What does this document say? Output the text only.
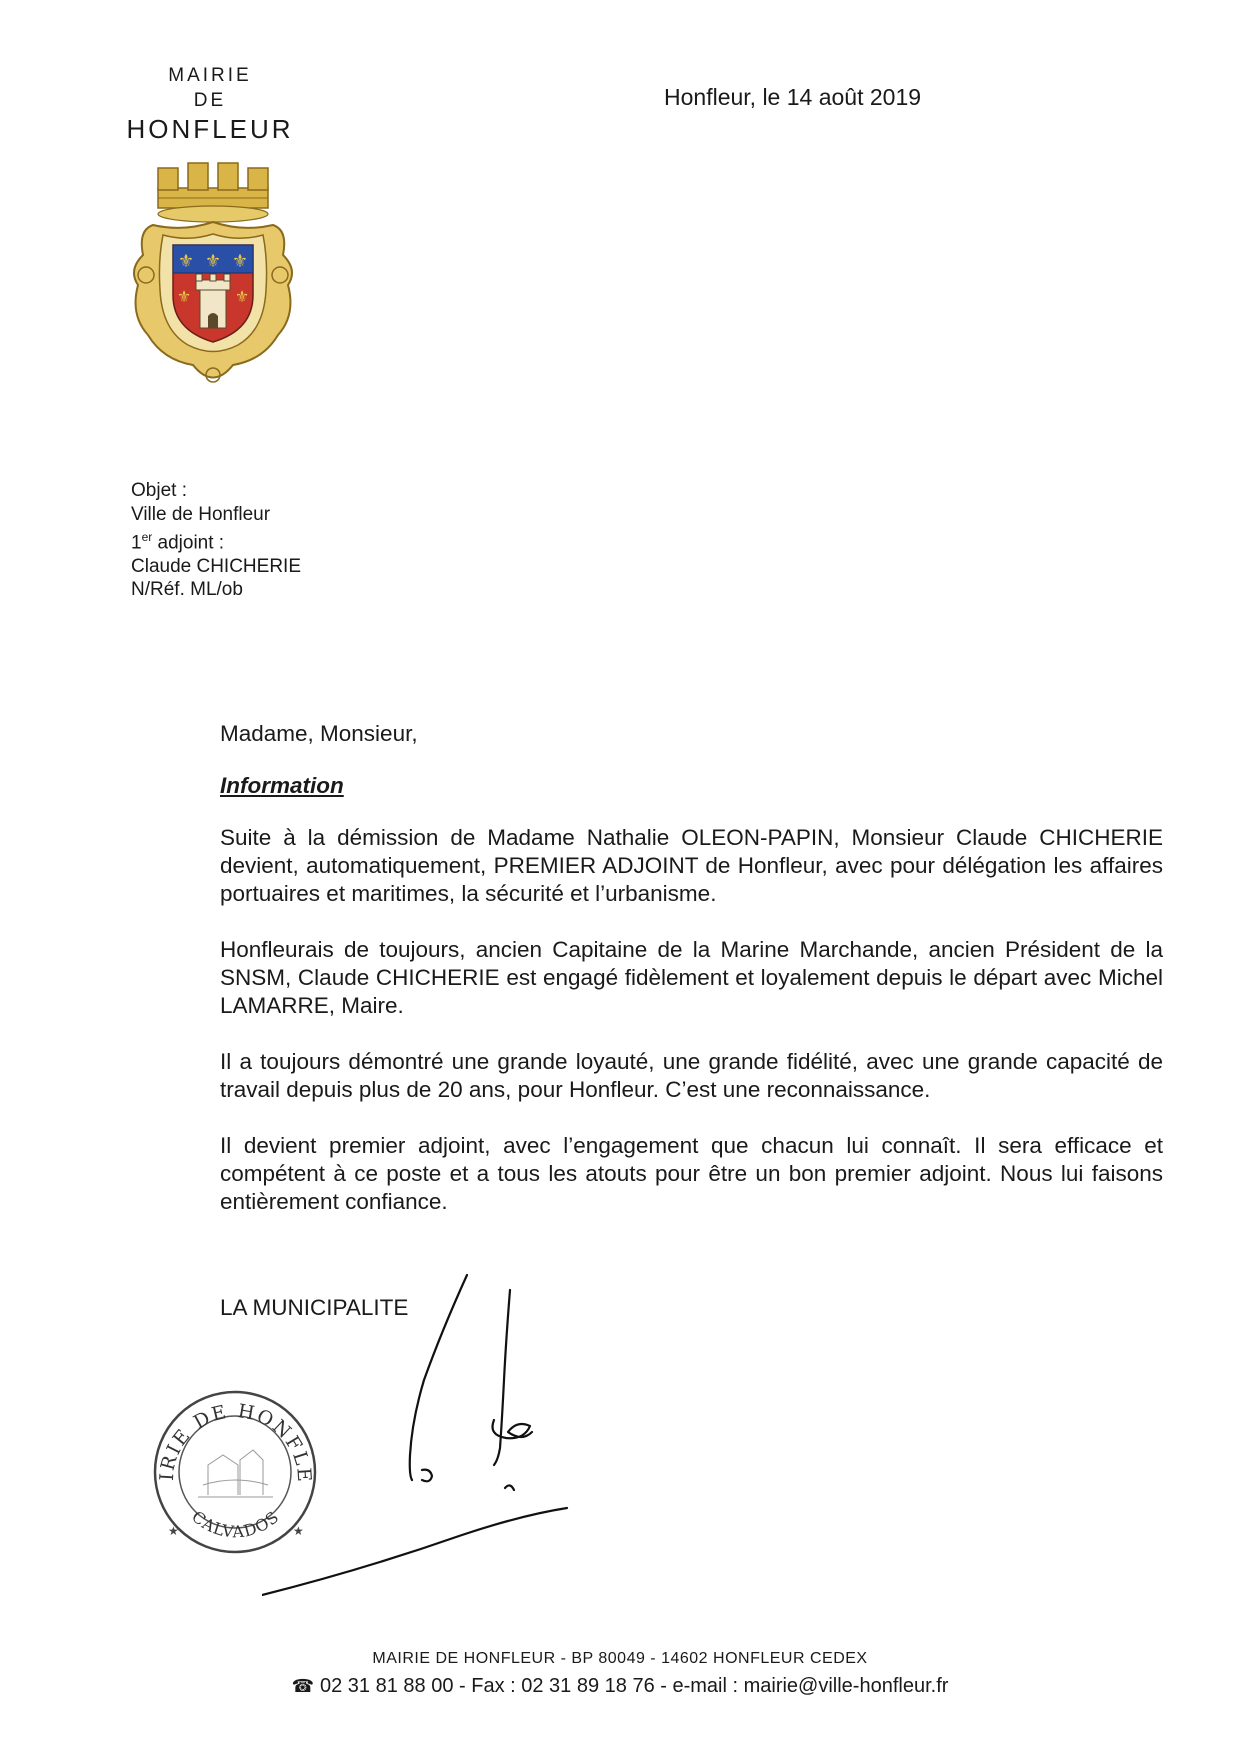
MAIRIE
DE
HONFLEUR
⚜ ⚜ ⚜
⚜	⚜
Honfleur, le 14 août 2019
Objet :
Ville de Honfleur
1er adjoint :
Claude CHICHERIE
N/Réf. ML/ob

Madame, Monsieur,

Information

Suite à la démission de Madame Nathalie OLEON-PAPIN, Monsieur Claude CHICHERIE devient, automatiquement, PREMIER ADJOINT de Honfleur, avec pour délégation les affaires portuaires et maritimes, la sécurité et l’urbanisme.

Honfleurais de toujours, ancien Capitaine de la Marine Marchande, ancien Président de la SNSM, Claude CHICHERIE est engagé fidèlement et loyalement depuis le départ avec Michel LAMARRE, Maire.

Il a toujours démontré une grande loyauté, une grande fidélité, avec une grande capacité de travail depuis plus de 20 ans, pour Honfleur. C’est une reconnaissance.

Il devient premier adjoint, avec l’engagement que chacun lui connaît. Il sera efficace et compétent à ce poste et a tous les atouts pour être un bon premier adjoint. Nous lui faisons entièrement confiance.

LA MUNICIPALITE
IRIE DE HONFLE
CALVADOS
★	★
MAIRIE DE HONFLEUR - BP 80049 - 14602 HONFLEUR CEDEX
☎ 02 31 81 88 00 - Fax : 02 31 89 18 76 - e-mail : mairie@ville-honfleur.fr
